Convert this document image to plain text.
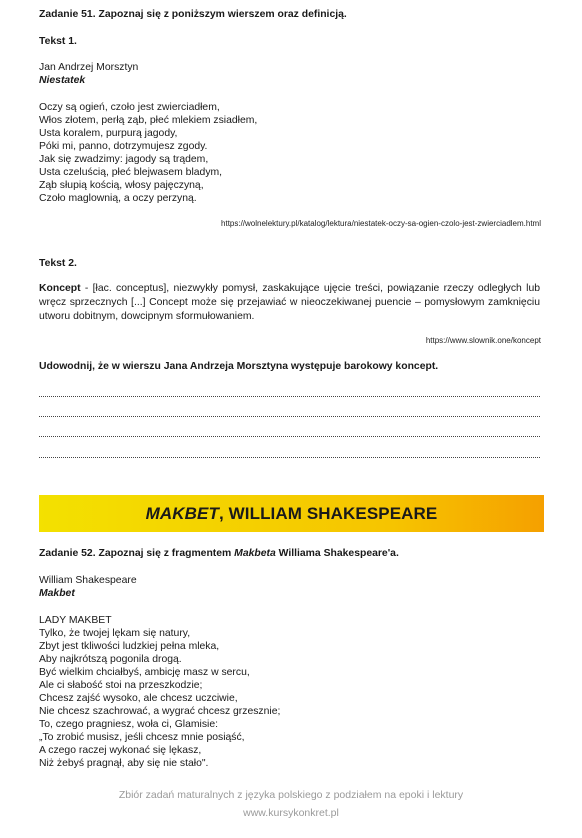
Zadanie 51. Zapoznaj się z poniższym wierszem oraz definicją.
Tekst 1.
Jan Andrzej Morsztyn
Niestatek
Oczy są ogień, czoło jest zwierciadłem,
Włos złotem, perłą ząb, płeć mlekiem zsiadłem,
Usta koralem, purpurą jagody,
Póki mi, panno, dotrzymujesz zgody.
Jak się zwadzimy: jagody są trądem,
Usta czeluścią, płeć blejwasem bladym,
Ząb słupią kością, włosy pajęczyną,
Czoło maglownią, a oczy perzyną.
https://wolnelektury.pl/katalog/lektura/niestatek-oczy-sa-ogien-czolo-jest-zwierciadlem.html
Tekst 2.
Koncept - [łac. conceptus], niezwykły pomysł, zaskakujące ujęcie treści, powiązanie rzeczy odległych lub wręcz sprzecznych [...] Concept może się przejawiać w nieoczekiwanej puencie – pomysłowym zamknięciu utworu dobitnym, dowcipnym sformułowaniem.
https://www.slownik.one/koncept
Udowodnij, że w wierszu Jana Andrzeja Morsztyna występuje barokowy koncept.
MAKBET, WILLIAM SHAKESPEARE
Zadanie 52. Zapoznaj się z fragmentem Makbeta Williama Shakespeare'a.
William Shakespeare
Makbet
LADY MAKBET
Tylko, że twojej lękam się natury,
Zbyt jest tkliwości ludzkiej pełna mleka,
Aby najkrótszą pogonila drogą.
Być wielkim chciałbyś, ambicję masz w sercu,
Ale ci słabość stoi na przeszkodzie;
Chcesz zajść wysoko, ale chcesz uczciwie,
Nie chcesz szachrować, a wygrać chcesz grzesznie;
To, czego pragniesz, woła ci, Glamisie:
„To zrobić musisz, jeśli chcesz mnie posiąść,
A czego raczej wykonać się lękasz,
Niż żebyś pragnął, aby się nie stało".
Zbiór zadań maturalnych z języka polskiego z podziałem na epoki i lektury
www.kursykonkret.pl
